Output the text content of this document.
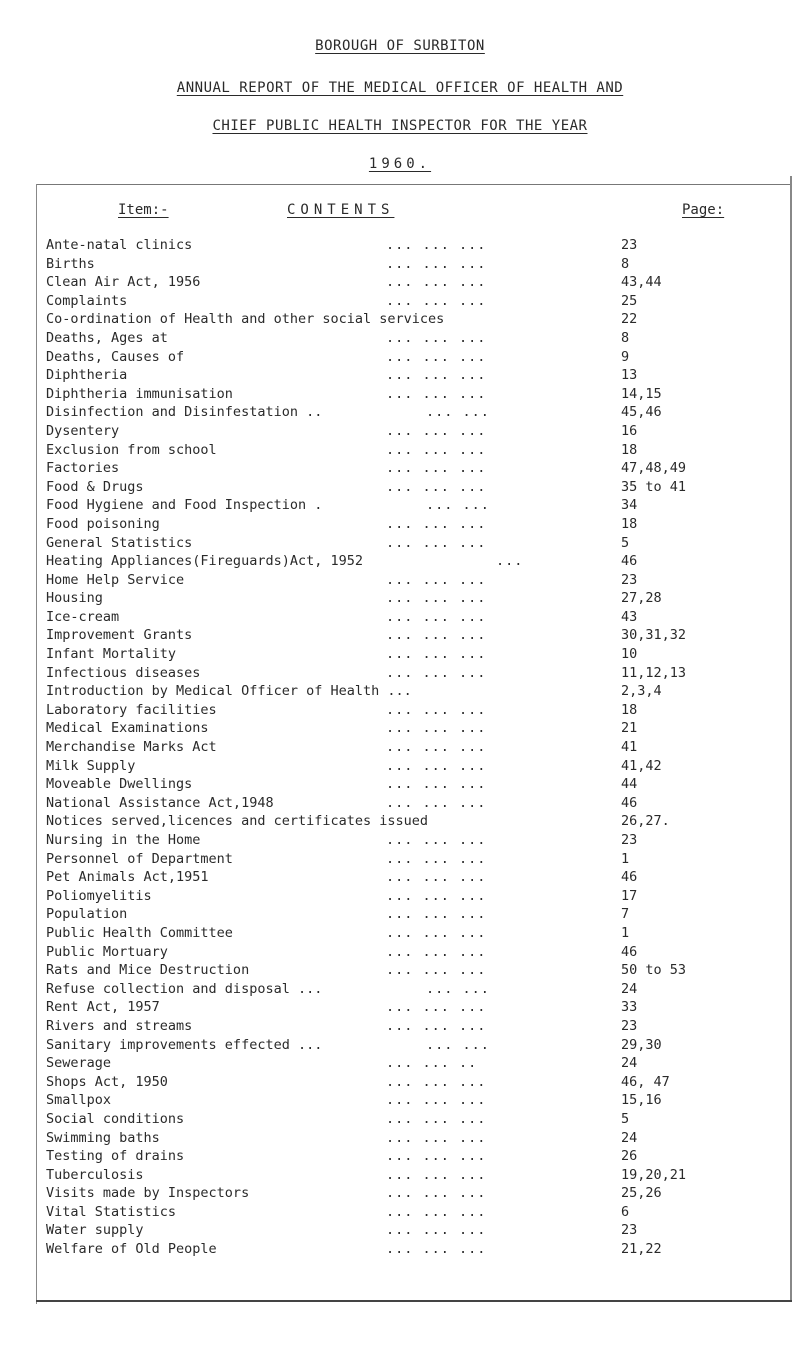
BOROUGH OF SURBITON
ANNUAL REPORT OF THE MEDICAL OFFICER OF HEALTH AND
CHIEF PUBLIC HEALTH INSPECTOR FOR THE YEAR
1960.
Item:-	CONTENTS	Page:
Ante-natal clinics	... ... ...	23
Births	... ... ...	8
Clean Air Act, 1956	... ... ...	43,44
Complaints	... ... ...	25
Co-ordination of Health and other social services	22
Deaths, Ages at	... ... ...	8
Deaths, Causes of	... ... ...	9
Diphtheria	... ... ...	13
Diphtheria immunisation	... ... ...	14,15
Disinfection and Disinfestation ..	... ...	45,46
Dysentery	... ... ...	16
Exclusion from school	... ... ...	18
Factories	... ... ...	47,48,49
Food & Drugs	... ... ...	35 to 41
Food Hygiene and Food Inspection .	... ...	34
Food poisoning	... ... ...	18
General Statistics	... ... ...	5
Heating Appliances(Fireguards)Act, 1952	...	46
Home Help Service	... ... ...	23
Housing	... ... ...	27,28
Ice-cream	... ... ...	43
Improvement Grants	... ... ...	30,31,32
Infant Mortality	... ... ...	10
Infectious diseases	... ... ...	11,12,13
Introduction by Medical Officer of Health ...	2,3,4
Laboratory facilities	... ... ...	18
Medical Examinations	... ... ...	21
Merchandise Marks Act	... ... ...	41
Milk Supply	... ... ...	41,42
Moveable Dwellings	... ... ...	44
National Assistance Act,1948	... ... ...	46
Notices served,licences and certificates issued	26,27.
Nursing in the Home	... ... ...	23
Personnel of Department	... ... ...	1
Pet Animals Act,1951	... ... ...	46
Poliomyelitis	... ... ...	17
Population	... ... ...	7
Public Health Committee	... ... ...	1
Public Mortuary	... ... ...	46
Rats and Mice Destruction	... ... ...	50 to 53
Refuse collection and disposal ...	... ...	24
Rent Act, 1957	... ... ...	33
Rivers and streams	... ... ...	23
Sanitary improvements effected ...	... ...	29,30
Sewerage	... ... ..	24
Shops Act, 1950	... ... ...	46, 47
Smallpox	... ... ...	15,16
Social conditions	... ... ...	5
Swimming baths	... ... ...	24
Testing of drains	... ... ...	26
Tuberculosis	... ... ...	19,20,21
Visits made by Inspectors	... ... ...	25,26
Vital Statistics	... ... ...	6
Water supply	... ... ...	23
Welfare of Old People	... ... ...	21,22
